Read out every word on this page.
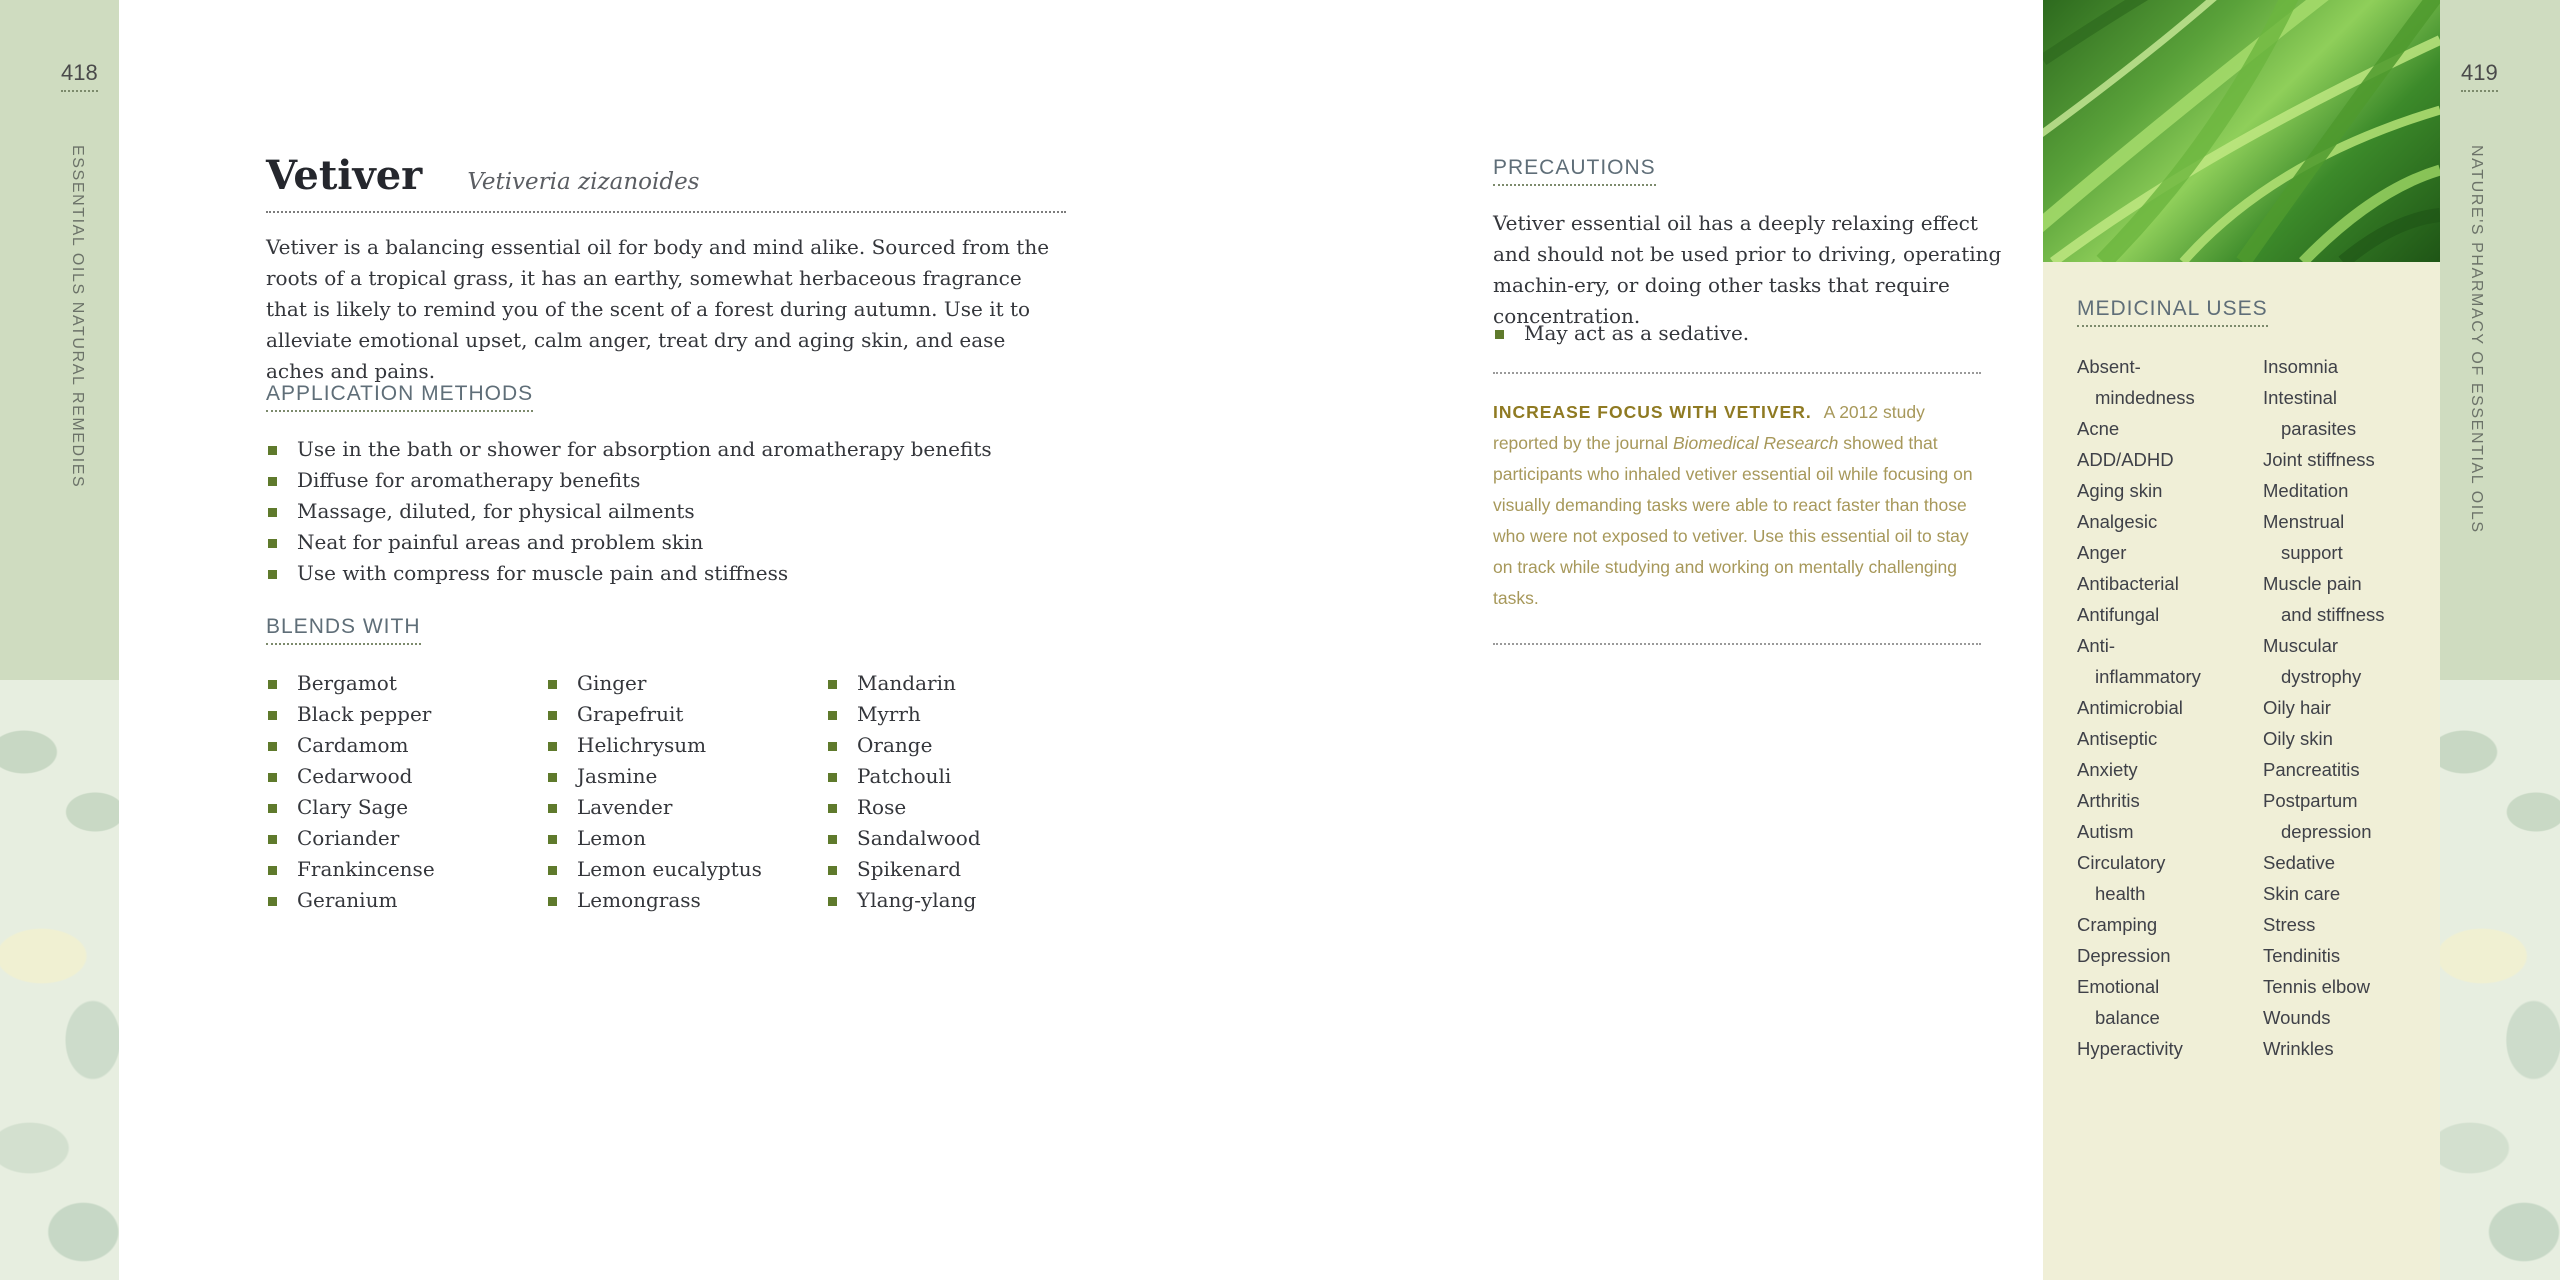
418
ESSENTIAL OILS NATURAL REMEDIES
419
NATURE'S PHARMACY OF ESSENTIAL OILS
Vetiver Vetiveria zizanoides

Vetiver is a balancing essential oil for body and mind alike. Sourced from the roots of a tropical grass, it has an earthy, somewhat herbaceous fragrance that is likely to remind you of the scent of a forest during autumn. Use it to alleviate emotional upset, calm anger, treat dry and aging skin, and ease aches and pains.

APPLICATION METHODS
Use in the bath or shower for absorption and aromatherapy benefits
Diffuse for aromatherapy benefits
Massage, diluted, for physical ailments
Neat for painful areas and problem skin
Use with compress for muscle pain and stiffness
BLENDS WITH
Bergamot
Black pepper
Cardamom
Cedarwood
Clary Sage
Coriander
Frankincense
Geranium
Ginger
Grapefruit
Helichrysum
Jasmine
Lavender
Lemon
Lemon eucalyptus
Lemongrass
Mandarin
Myrrh
Orange
Patchouli
Rose
Sandalwood
Spikenard
Ylang-ylang
PRECAUTIONS

Vetiver essential oil has a deeply relaxing effect and should not be used prior to driving, operating machin-ery, or doing other tasks that require concentration.

May act as a sedative.

INCREASE FOCUS WITH VETIVER. A 2012 study reported by the journal Biomedical Research showed that participants who inhaled vetiver essential oil while focusing on visually demanding tasks were able to react faster than those who were not exposed to vetiver. Use this essential oil to stay on track while studying and working on mentally challenging tasks.

MEDICINAL USES
Absent-
mindedness
Acne
ADD/ADHD
Aging skin
Analgesic
Anger
Antibacterial
Antifungal
Anti-
inflammatory
Antimicrobial
Antiseptic
Anxiety
Arthritis
Autism
Circulatory
health
Cramping
Depression
Emotional
balance
Hyperactivity
Insomnia
Intestinal
parasites
Joint stiffness
Meditation
Menstrual
support
Muscle pain
and stiffness
Muscular
dystrophy
Oily hair
Oily skin
Pancreatitis
Postpartum
depression
Sedative
Skin care
Stress
Tendinitis
Tennis elbow
Wounds
Wrinkles
